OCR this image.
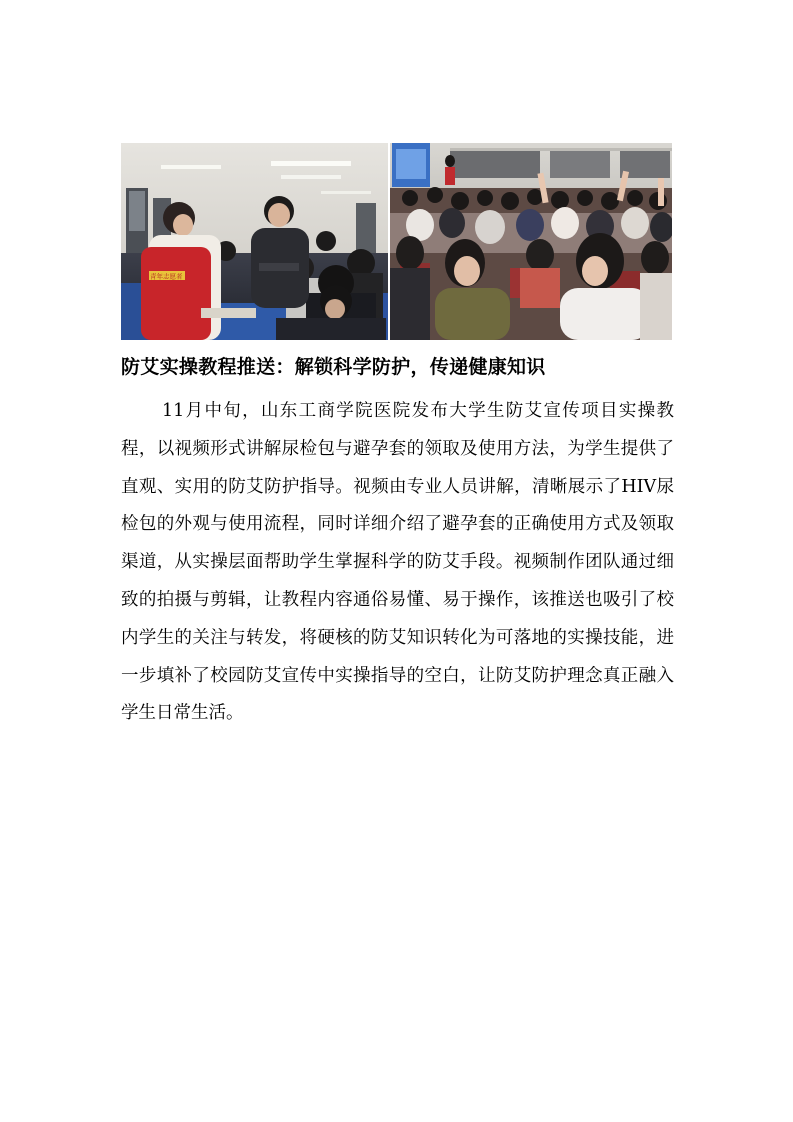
青年志愿者
防艾实操教程推送：解锁科学防护，传递健康知识

11月中旬，山东工商学院医院发布大学生防艾宣传项目实操教程，以视频形式讲解尿检包与避孕套的领取及使用方法，为学生提供了直观、实用的防艾防护指导。视频由专业人员讲解，清晰展示了HIV尿检包的外观与使用流程，同时详细介绍了避孕套的正确使用方式及领取渠道，从实操层面帮助学生掌握科学的防艾手段。视频制作团队通过细致的拍摄与剪辑，让教程内容通俗易懂、易于操作，该推送也吸引了校内学生的关注与转发，将硬核的防艾知识转化为可落地的实操技能，进一步填补了校园防艾宣传中实操指导的空白，让防艾防护理念真正融入学生日常生活。
